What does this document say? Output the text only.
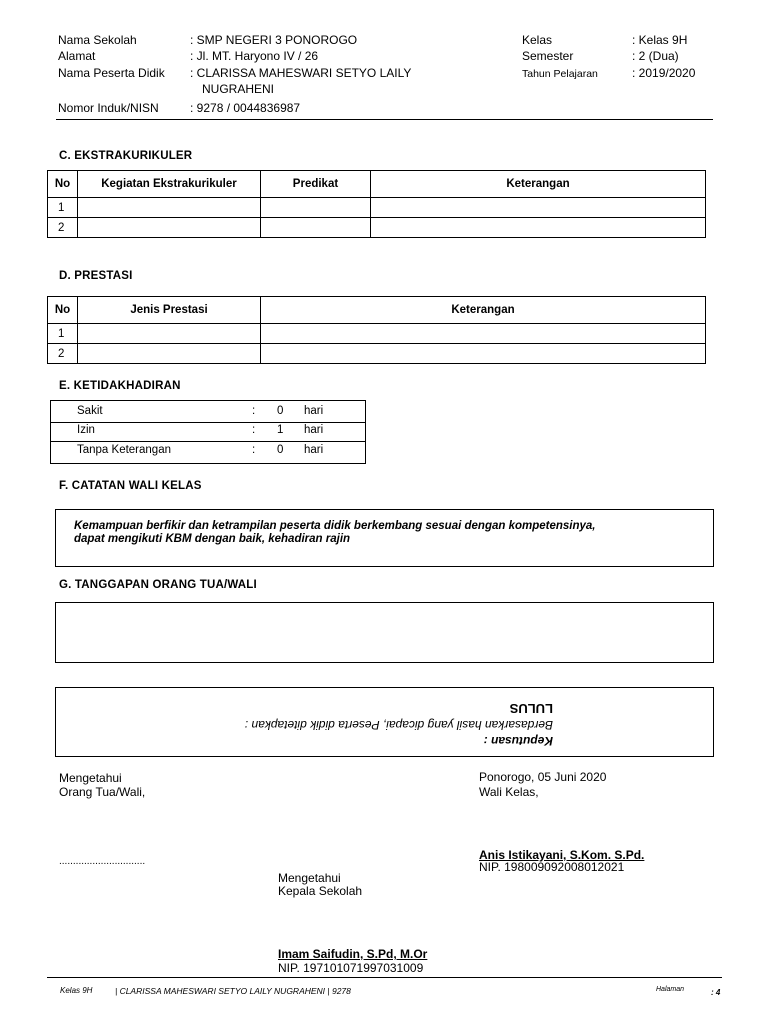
Nama Sekolah	: SMP NEGERI 3 PONOROGO
Alamat	: Jl. MT. Haryono IV / 26
Nama Peserta Didik : CLARISSA MAHESWARI SETYO LAILY
NUGRAHENI
Nomor Induk/NISN	: 9278 / 0044836987
Kelas	: Kelas 9H
Semester	: 2 (Dua)
Tahun Pelajaran	: 2019/2020
C. EKSTRAKURIKULER
No	Kegiatan Ekstrakurikuler	Predikat	Keterangan
1			
2			
D. PRESTASI
No	Jenis Prestasi	Keterangan
1		
2		
E. KETIDAKHADIRAN
Sakit	: 0 hari
Izin	: 1 hari
Tanpa Keterangan	: 0 hari
F. CATATAN WALI KELAS
Kemampuan berfikir dan ketrampilan peserta didik berkembang sesuai dengan kompetensinya,
dapat mengikuti KBM dengan baik, kehadiran rajin
G. TANGGAPAN ORANG TUA/WALI
Keputusan :
Berdasarkan hasil yang dicapai, Peserta didik ditetapkan :
LULUS
Mengetahui
Orang Tua/Wali,
...............................
Ponorogo, 05 Juni 2020
Wali Kelas,
Anis Istikayani, S.Kom. S.Pd.
NIP. 198009092008012021
Mengetahui
Kepala Sekolah
Imam Saifudin, S.Pd, M.Or
NIP. 197101071997031009
Kelas 9H	| CLARISSA MAHESWARI SETYO LAILY NUGRAHENI | 9278	Halaman	: 4
